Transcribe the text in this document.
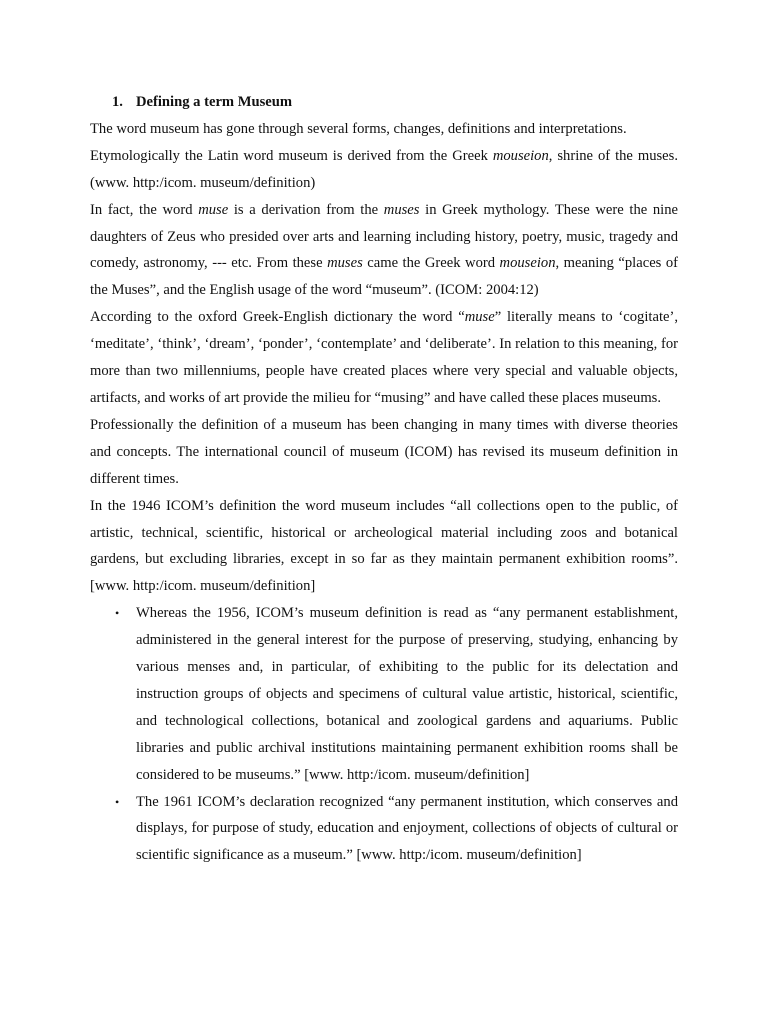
1. Defining a term Museum

The word museum has gone through several forms, changes, definitions and interpretations.

Etymologically the Latin word museum is derived from the Greek mouseion, shrine of the muses. (www. http:/icom. museum/definition)

In fact, the word muse is a derivation from the muses in Greek mythology. These were the nine daughters of Zeus who presided over arts and learning including history, poetry, music, tragedy and comedy, astronomy, --- etc. From these muses came the Greek word mouseion, meaning “places of the Muses”, and the English usage of the word “museum”. (ICOM: 2004:12)

According to the oxford Greek-English dictionary the word “muse” literally means to ‘cogitate’, ‘meditate’, ‘think’, ‘dream’, ‘ponder’, ‘contemplate’ and ‘deliberate’. In relation to this meaning, for more than two millenniums, people have created places where very special and valuable objects, artifacts, and works of art provide the milieu for “musing” and have called these places museums.

Professionally the definition of a museum has been changing in many times with diverse theories and concepts. The international council of museum (ICOM) has revised its museum definition in different times.

In the 1946 ICOM’s definition the word museum includes “all collections open to the public, of artistic, technical, scientific, historical or archeological material including zoos and botanical gardens, but excluding libraries, except in so far as they maintain permanent exhibition rooms”. [www. http:/icom. museum/definition]

• Whereas the 1956, ICOM’s museum definition is read as “any permanent establishment, administered in the general interest for the purpose of preserving, studying, enhancing by various menses and, in particular, of exhibiting to the public for its delectation and instruction groups of objects and specimens of cultural value artistic, historical, scientific, and technological collections, botanical and zoological gardens and aquariums. Public libraries and public archival institutions maintaining permanent exhibition rooms shall be considered to be museums.” [www. http:/icom. museum/definition]
• The 1961 ICOM’s declaration recognized “any permanent institution, which conserves and displays, for purpose of study, education and enjoyment, collections of objects of cultural or scientific significance as a museum.” [www. http:/icom. museum/definition]
